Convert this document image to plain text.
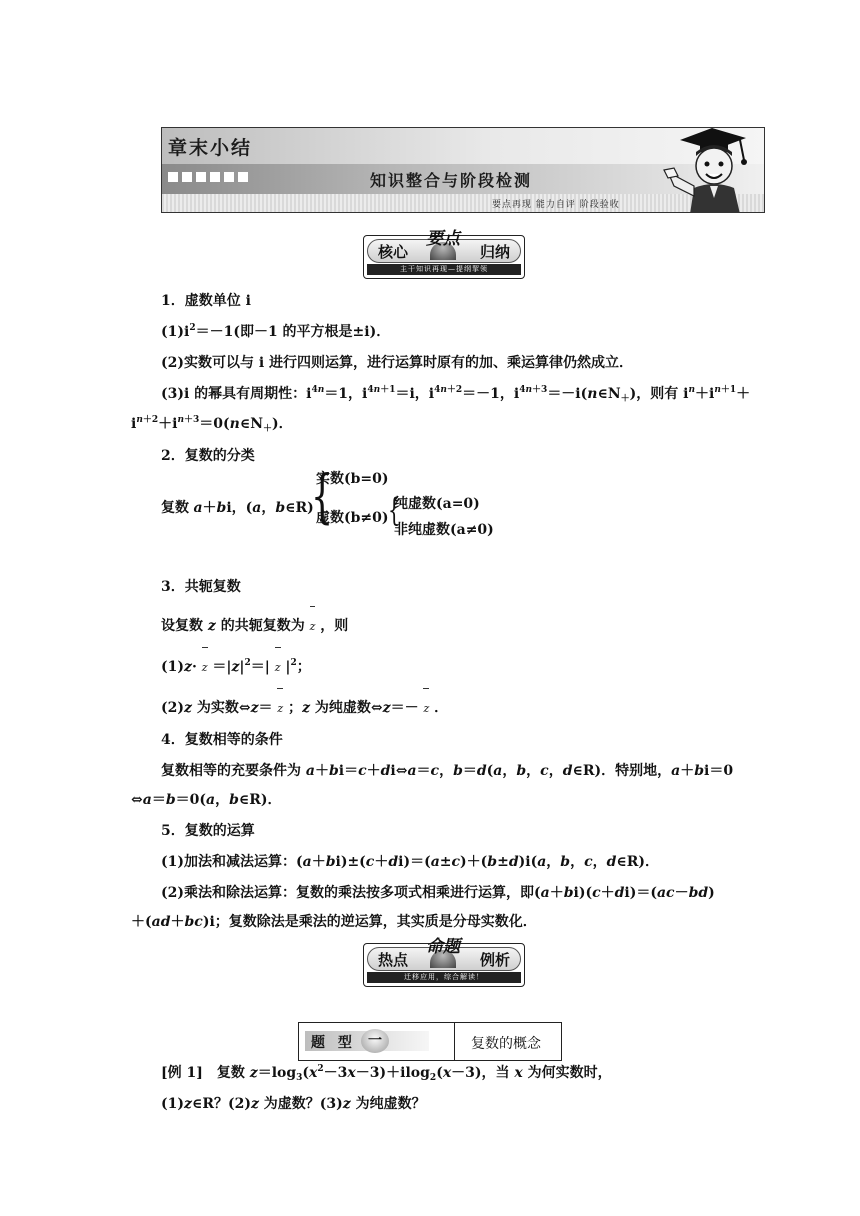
章末小结
知识整合与阶段检测
要点再现 能力自评 阶段验收
核心
要点
归纳
主干知识再现—提纲挈领
1．虚数单位 i
$(1)i^2=-1$(即－1 的平方根是±i)．
(2)实数可以与 i 进行四则运算，进行运算时原有的加、乘运算律仍然成立．
(3)i 的幂具有周期性：$i^{4n}=1$，$i^{4n+1}=i$，$i^{4n+2}=-1$，$i^{4n+3}=-i(n\in N_+)$，则有 $i^n+i^{n+1}+$
$i^{n+2}+i^{n+3}=0(n\in N_+)$．
2．复数的分类
复数 a＋bi，(a，b∈R)
{
实数(b=0)
虚数(b≠0) {
纯虚数(a=0)
非纯虚数(a≠0)
3．共轭复数
设复数 z 的共轭复数为 z ，则
$(1)z\cdot z =|z|^2=|$ z $|^2$；
(2)z 为实数⇔z＝ z ；z 为纯虚数⇔z＝－ z ．
4．复数相等的条件
复数相等的充要条件为 a＋bi＝c＋di⇔a＝c，b＝d(a，b，c，d∈R)．特别地，a＋bi＝0
⇔a＝b＝0(a，b∈R)．
5．复数的运算
(1)加法和减法运算：(a＋bi)±(c＋di)＝(a±c)＋(b±d)i(a，b，c，d∈R)．
(2)乘法和除法运算：复数的乘法按多项式相乘进行运算，即(a＋bi)(c＋di)＝(ac－bd)
＋(ad＋bc)i；复数除法是乘法的逆运算，其实质是分母实数化．
热点
命题
例析
迁移应用，综合解读！
题 型 一	复数的概念
[例 1]　复数 $z=\log_3(x^2-3x-3)+ilog_2(x-3)$，当 x 为何实数时，
(1)z∈R？(2)z 为虚数？(3)z 为纯虚数？
